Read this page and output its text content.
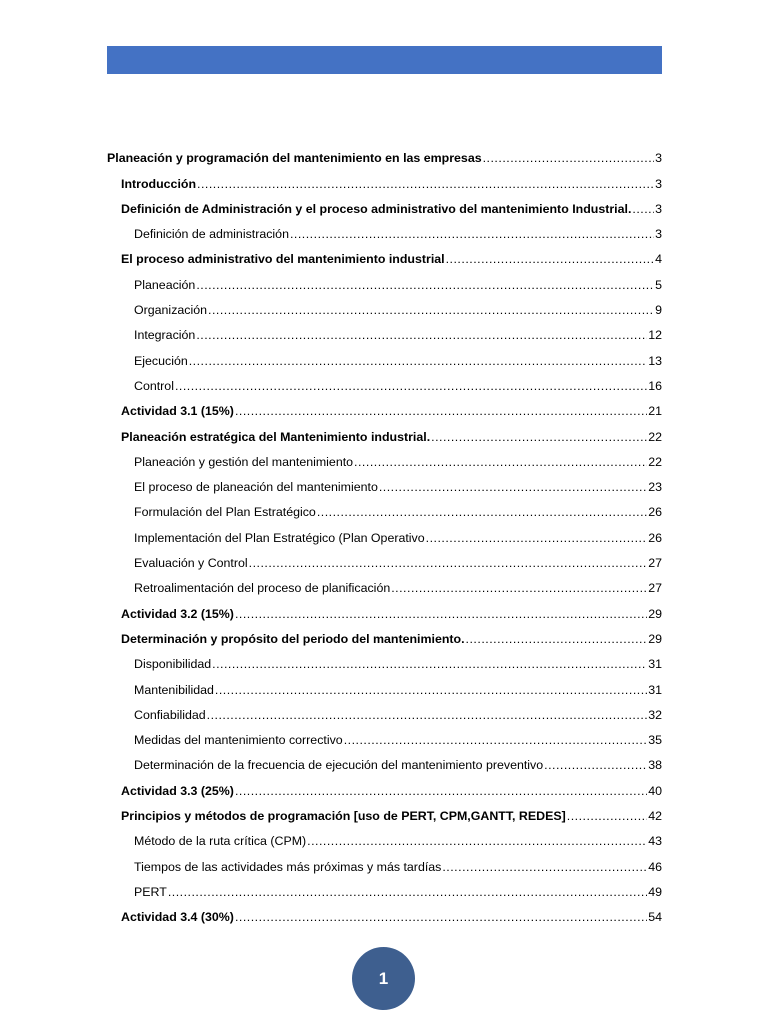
Planeación y programación del mantenimiento en las empresas .....	3
Introducción .....	3
Definición de Administración y el proceso administrativo del mantenimiento Industrial. ..... 3
Definición de administración .....	3
El proceso administrativo del mantenimiento industrial .....	4
Planeación .....	5
Organización .....	9
Integración .....	12
Ejecución .....	13
Control .....	16
Actividad 3.1 (15%) .....	21
Planeación estratégica del Mantenimiento industrial. .....	22
Planeación y gestión del mantenimiento .....	22
El proceso de planeación del mantenimiento .....	23
Formulación del Plan Estratégico .....	26
Implementación del Plan Estratégico (Plan Operativo .....	26
Evaluación y Control .....	27
Retroalimentación del proceso de planificación .....	27
Actividad 3.2 (15%) .....	29
Determinación y propósito del periodo del mantenimiento. .....	29
Disponibilidad .....	31
Mantenibilidad .....	31
Confiabilidad .....	32
Medidas del mantenimiento correctivo .....	35
Determinación de la frecuencia de ejecución del mantenimiento preventivo .....	38
Actividad 3.3 (25%) .....	40
Principios y métodos de programación [uso de PERT, CPM,GANTT, REDES] .....	42
Método de la ruta crítica (CPM) .....	43
Tiempos de las actividades más próximas y más tardías .....	46
PERT .....	49
Actividad 3.4 (30%) .....	54
1
